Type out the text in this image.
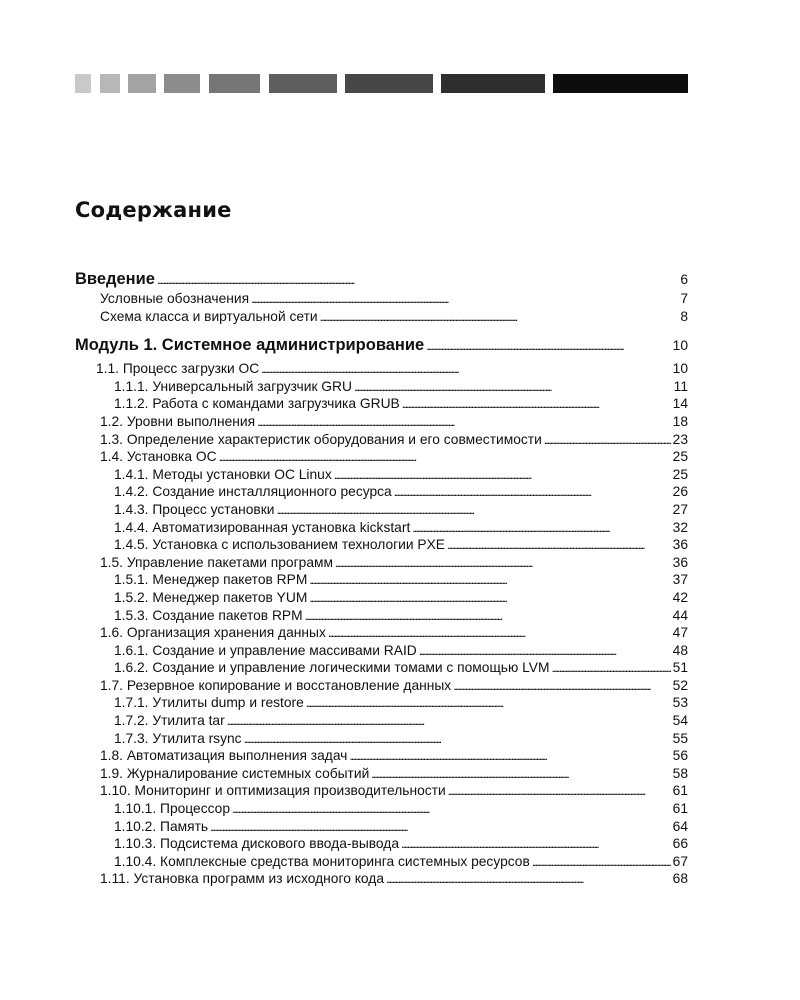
Содержание
Введение . . .	6
Условные обозначения . . .	7
Схема класса и виртуальной сети . . .	8
Модуль 1. Системное администрирование . . .	10
1.1. Процесс загрузки ОС . . .	10
1.1.1. Универсальный загрузчик GRU . . .	11
1.1.2. Работа с командами загрузчика GRUB . . .	14
1.2. Уровни выполнения . . .	18
1.3. Определение характеристик оборудования и его совместимости . . .	23
1.4. Установка ОС . . .	25
1.4.1. Методы установки ОС Linux . . .	25
1.4.2. Создание инсталляционного ресурса . . .	26
1.4.3. Процесс установки . . .	27
1.4.4. Автоматизированная установка kickstart . . .	32
1.4.5. Установка с использованием технологии PXE . . .	36
1.5. Управление пакетами программ . . .	36
1.5.1. Менеджер пакетов RPM . . .	37
1.5.2. Менеджер пакетов YUM . . .	42
1.5.3. Создание пакетов RPM . . .	44
1.6. Организация хранения данных . . .	47
1.6.1. Создание и управление массивами RAID . . .	48
1.6.2. Создание и управление логическими томами с помощью LVM . . .	51
1.7. Резервное копирование и восстановление данных . . .	52
1.7.1. Утилиты dump и restore . . .	53
1.7.2. Утилита tar . . .	54
1.7.3. Утилита rsync . . .	55
1.8. Автоматизация выполнения задач . . .	56
1.9. Журналирование системных событий . . .	58
1.10. Мониторинг и оптимизация производительности . . .	61
1.10.1. Процессор . . .	61
1.10.2. Память . . .	64
1.10.3. Подсистема дискового ввода-вывода . . .	66
1.10.4. Комплексные средства мониторинга системных ресурсов . . .	67
1.11. Установка программ из исходного кода . . .	68
